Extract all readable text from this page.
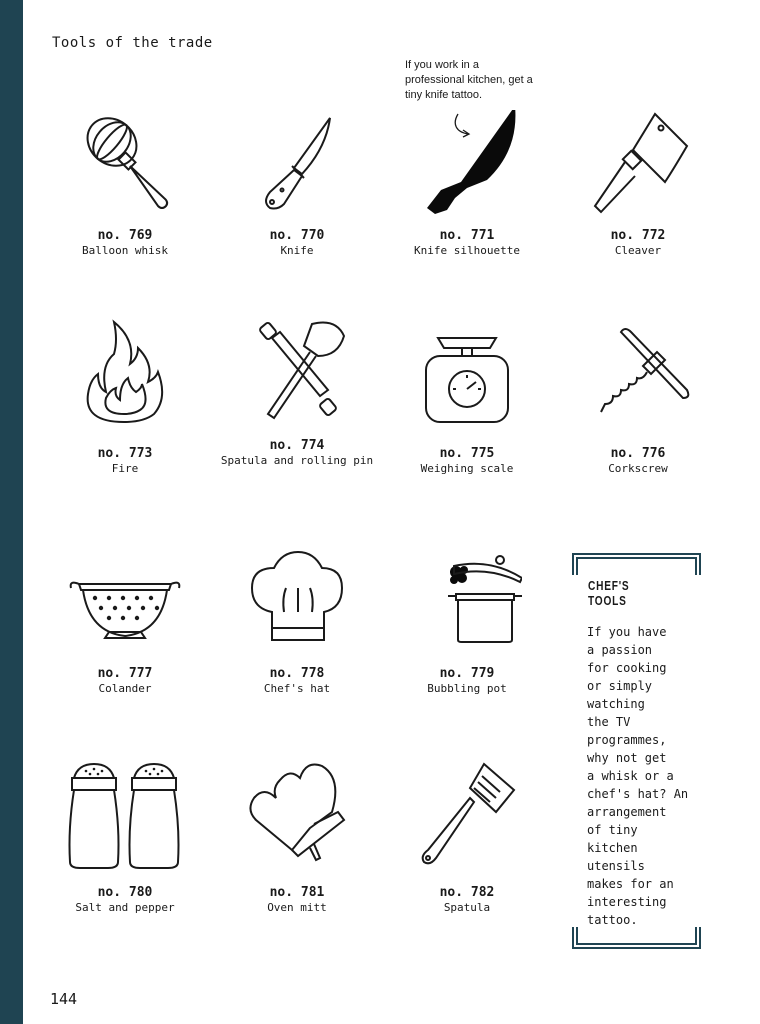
Tools of the trade
If you work in a professional kitchen, get a tiny knife tattoo.
no. 769
Balloon whisk
no. 770
Knife
no. 771
Knife silhouette
no. 772
Cleaver
no. 773
Fire
no. 774
Spatula and rolling pin	no. 775
Weighing scale
no. 776
Corkscrew
no. 777
Colander
no. 778
Chef's hat
no. 779
Bubbling pot
no. 780
Salt and pepper
no. 781
Oven mitt
no. 782
Spatula
CHEF'S TOOLS
If you have
a passion
for cooking
or simply
watching
the TV
programmes,
why not get
a whisk or a
chef's hat? An
arrangement
of tiny
kitchen
utensils
makes for an
interesting
tattoo.
144
